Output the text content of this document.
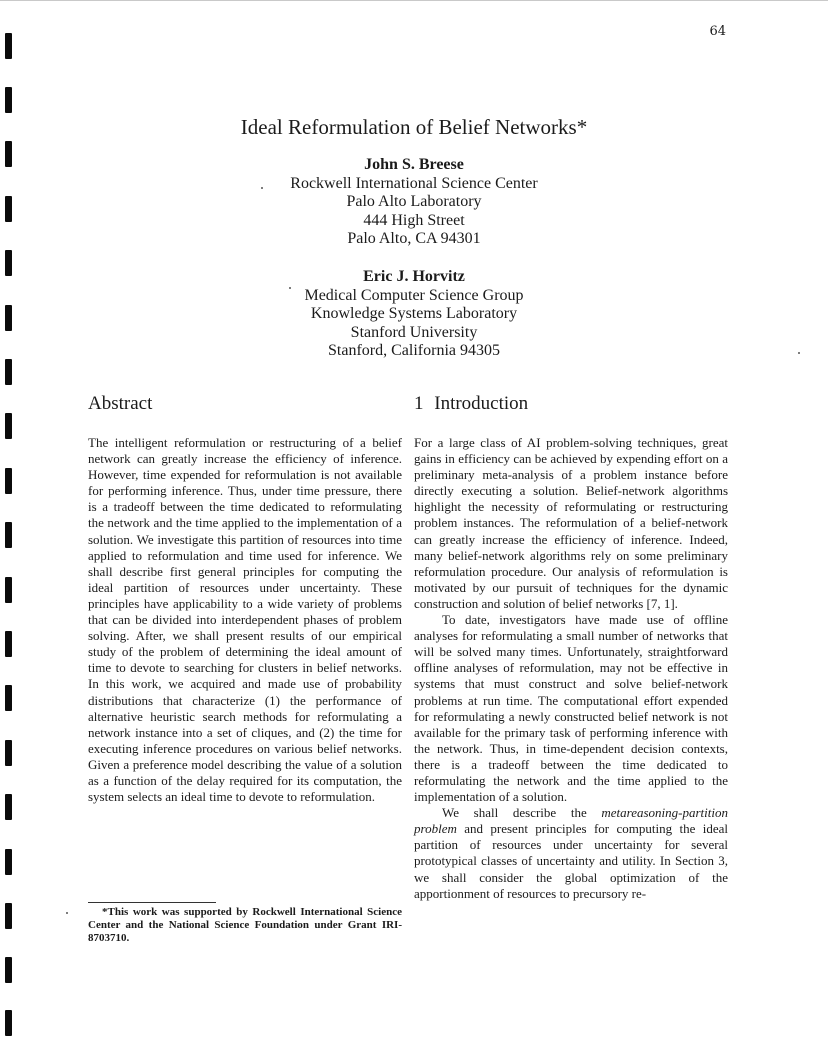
64
Ideal Reformulation of Belief Networks*
John S. Breese
Rockwell International Science Center
Palo Alto Laboratory
444 High Street
Palo Alto, CA 94301
Eric J. Horvitz
Medical Computer Science Group
Knowledge Systems Laboratory
Stanford University
Stanford, California 94305
Abstract	1 Introduction

The intelligent reformulation or restructuring of a belief network can greatly increase the efficiency of inference. However, time expended for reformulation is not available for performing inference. Thus, under time pressure, there is a tradeoff between the time dedicated to reformulating the network and the time applied to the implementation of a solution. We investigate this partition of resources into time applied to reformulation and time used for inference. We shall describe first general principles for computing the ideal partition of resources under uncertainty. These principles have applicability to a wide variety of problems that can be divided into interdependent phases of problem solving. After, we shall present results of our empirical study of the problem of determining the ideal amount of time to devote to searching for clusters in belief networks. In this work, we acquired and made use of probability distributions that characterize (1) the performance of alternative heuristic search methods for reformulating a network instance into a set of cliques, and (2) the time for executing inference procedures on various belief networks. Given a preference model describing the value of a solution as a function of the delay required for its computation, the system selects an ideal time to devote to reformulation.

For a large class of AI problem-solving techniques, great gains in efficiency can be achieved by expending effort on a preliminary meta-analysis of a problem instance before directly executing a solution. Belief-network algorithms highlight the necessity of reformulating or restructuring problem instances. The reformulation of a belief-network can greatly increase the efficiency of inference. Indeed, many belief-network algorithms rely on some preliminary reformulation procedure. Our analysis of reformulation is motivated by our pursuit of techniques for the dynamic construction and solution of belief networks [7, 1].

To date, investigators have made use of offline analyses for reformulating a small number of networks that will be solved many times. Unfortunately, straightforward offline analyses of reformulation, may not be effective in systems that must construct and solve belief-network problems at run time. The computational effort expended for reformulating a newly constructed belief network is not available for the primary task of performing inference with the network. Thus, in time-dependent decision contexts, there is a tradeoff between the time dedicated to reformulating the network and the time applied to the implementation of a solution.

We shall describe the metareasoning-partition problem and present principles for computing the ideal partition of resources under uncertainty for several prototypical classes of uncertainty and utility. In Section 3, we shall consider the global optimization of the apportionment of resources to precursory re-

*This work was supported by Rockwell International Science Center and the National Science Foundation under Grant IRI-8703710.
